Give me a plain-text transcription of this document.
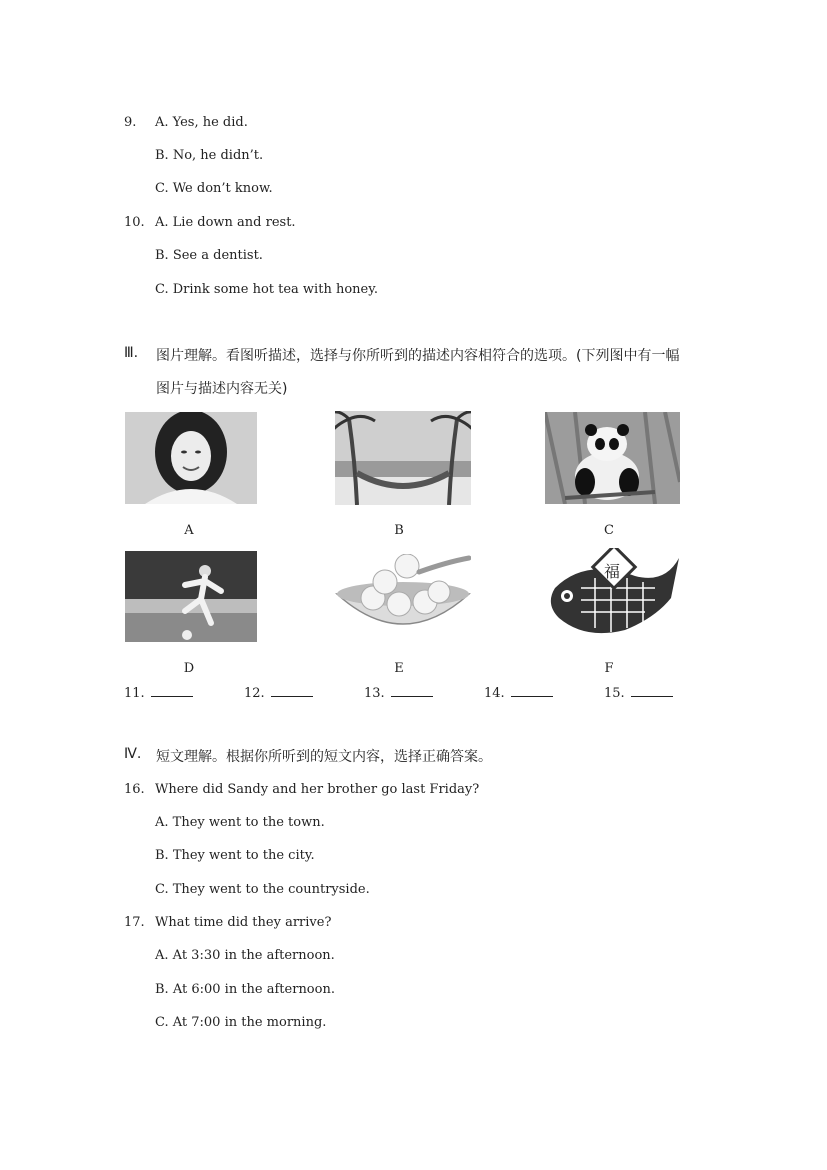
9. A. Yes, he did.
B. No, he didn’t.
C. We don’t know.
10. A. Lie down and rest.
B. See a dentist.
C. Drink some hot tea with honey.
Ⅲ. 图片理解。看图听描述，选择与你所听到的描述内容相符合的选项。(下列图中有一幅
图片与描述内容无关)
A	B	C
D	E
福
F
11.	12.	13.	14.	15.
Ⅳ. 短文理解。根据你所听到的短文内容，选择正确答案。
16. Where did Sandy and her brother go last Friday?
A. They went to the town.
B. They went to the city.
C. They went to the countryside.
17. What time did they arrive?
A. At 3:30 in the afternoon.
B. At 6:00 in the afternoon.
C. At 7:00 in the morning.
